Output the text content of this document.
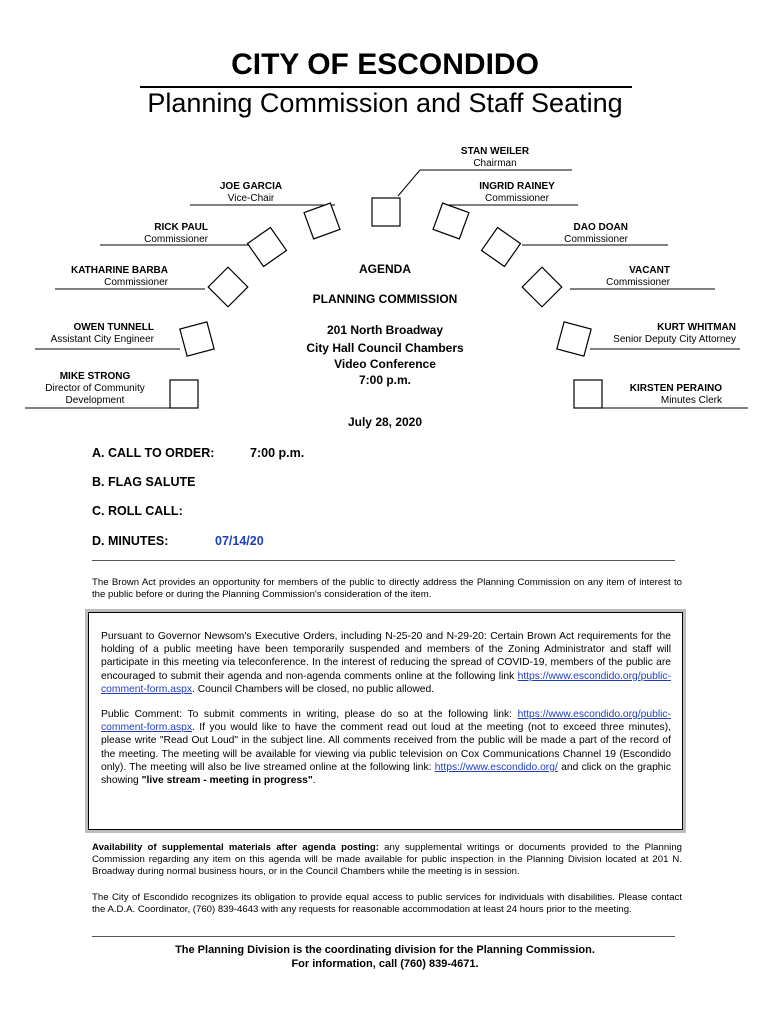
CITY OF ESCONDIDO
Planning Commission and Staff Seating
STAN WEILER
Chairman
JOE GARCIA
Vice-Chair
INGRID RAINEY
Commissioner
RICK PAUL
Commissioner
DAO DOAN
Commissioner
KATHARINE BARBA
Commissioner
VACANT
Commissioner
OWEN TUNNELL
Assistant City Engineer
KURT WHITMAN
Senior Deputy City Attorney
MIKE STRONG
Director of Community
Development
KIRSTEN PERAINO
Minutes Clerk
AGENDA
PLANNING COMMISSION
201 North Broadway
City Hall Council Chambers
Video Conference
7:00 p.m.
July 28, 2020
A. CALL TO ORDER:	7:00 p.m.
B. FLAG SALUTE
C. ROLL CALL:
D. MINUTES:	07/14/20
The Brown Act provides an opportunity for members of the public to directly address the Planning Commission on any item of interest to the public before or during the Planning Commission's consideration of the item.

Pursuant to Governor Newsom's Executive Orders, including N-25-20 and N-29-20: Certain Brown Act requirements for the holding of a public meeting have been temporarily suspended and members of the Zoning Administrator and staff will participate in this meeting via teleconference. In the interest of reducing the spread of COVID-19, members of the public are encouraged to submit their agenda and non-agenda comments online at the following link https://www.escondido.org/public-comment-form.aspx. Council Chambers will be closed, no public allowed.

Public Comment: To submit comments in writing, please do so at the following link: https://www.escondido.org/public-comment-form.aspx. If you would like to have the comment read out loud at the meeting (not to exceed three minutes), please write "Read Out Loud" in the subject line. All comments received from the public will be made a part of the record of the meeting. The meeting will be available for viewing via public television on Cox Communications Channel 19 (Escondido only). The meeting will also be live streamed online at the following link: https://www.escondido.org/ and click on the graphic showing "live stream - meeting in progress".

Availability of supplemental materials after agenda posting: any supplemental writings or documents provided to the Planning Commission regarding any item on this agenda will be made available for public inspection in the Planning Division located at 201 N. Broadway during normal business hours, or in the Council Chambers while the meeting is in session.
The City of Escondido recognizes its obligation to provide equal access to public services for individuals with disabilities. Please contact the A.D.A. Coordinator, (760) 839-4643 with any requests for reasonable accommodation at least 24 hours prior to the meeting.
The Planning Division is the coordinating division for the Planning Commission.
For information, call (760) 839-4671.
